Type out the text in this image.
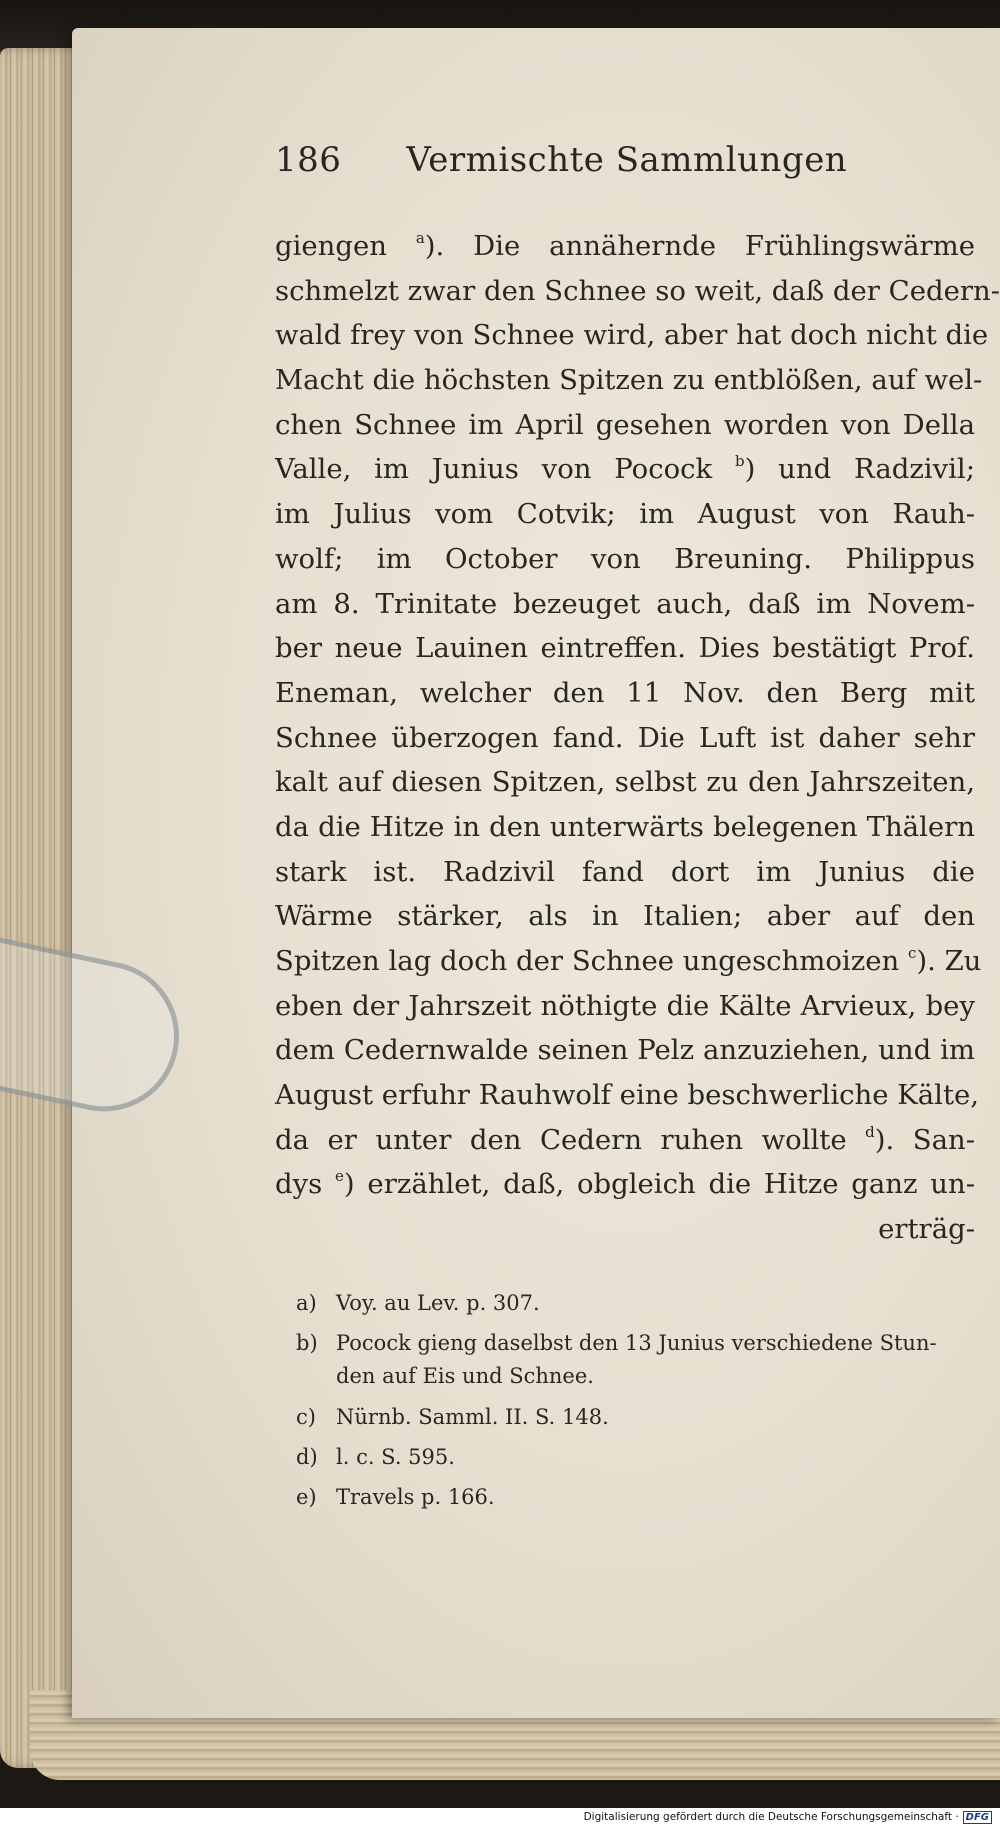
186 Vermischte Sammlungen
giengen $^a$). Die annähernde Frühlingswärme
schmelzt zwar den Schnee so weit, daß der Cedern-
wald frey von Schnee wird, aber hat doch nicht die
Macht die höchsten Spitzen zu entblößen, auf wel-
chen Schnee im April gesehen worden von Della
Valle, im Junius von Pocock $^b$) und Radzivil;
im Julius vom Cotvik; im August von Rauh-
wolf; im October von Breuning. Philippus
am 8. Trinitate bezeuget auch, daß im Novem-
ber neue Lauinen eintreffen. Dies bestätigt Prof.
Eneman, welcher den 11 Nov. den Berg mit
Schnee überzogen fand. Die Luft ist daher sehr
kalt auf diesen Spitzen, selbst zu den Jahrszeiten,
da die Hitze in den unterwärts belegenen Thälern
stark ist. Radzivil fand dort im Junius die
Wärme stärker, als in Italien; aber auf den
Spitzen lag doch der Schnee ungeschmoizen $^c$). Zu
eben der Jahrszeit nöthigte die Kälte Arvieux, bey
dem Cedernwalde seinen Pelz anzuziehen, und im
August erfuhr Rauhwolf eine beschwerliche Kälte,
da er unter den Cedern ruhen wollte $^d$). San-
dys $^e$) erzählet, daß, obgleich die Hitze ganz un-
erträg-
a) Voy. au Lev. p. 307.
b) Pocock gieng daselbst den 13 Junius verschiedene Stun-
den auf Eis und Schnee.
c) Nürnb. Samml. II. S. 148.
d) l. c. S. 595.
e) Travels p. 166.
Digitalisierung gefördert durch die Deutsche Forschungsgemeinschaft · DFG
